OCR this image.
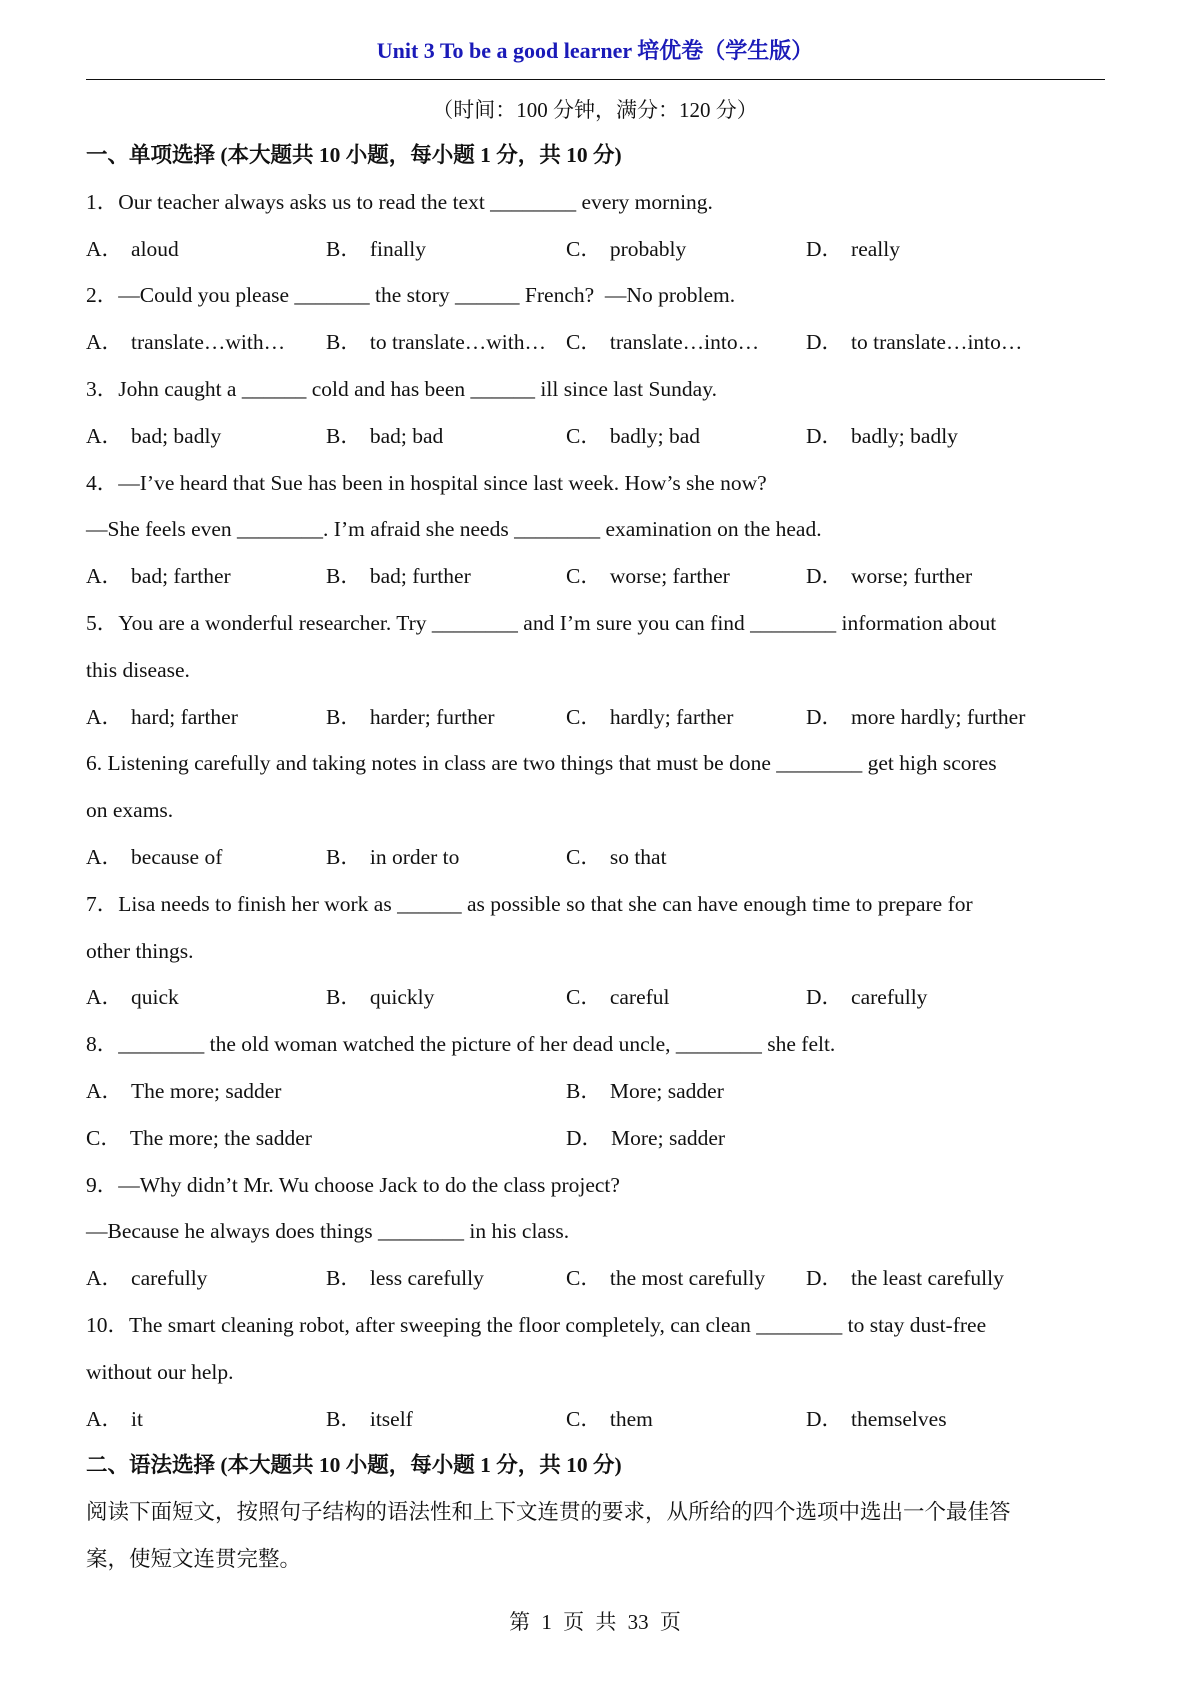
Unit 3 To be a good learner 培优卷（学生版）
（时间：100 分钟，满分：120 分）
一、单项选择 (本大题共 10 小题，每小题 1 分，共 10 分)
1．Our teacher always asks us to read the text ________ every morning.
A． aloud	B． finally	C． probably	D． really
2．—Could you please _______ the story ______ French?  —No problem.
A． translate…with…	B． to translate…with… C． translate…into…	D． to translate…into…
3．John caught a ______ cold and has been ______ ill since last Sunday.
A． bad; badly	B． bad; bad	C． badly; bad	D． badly; badly
4．—I’ve heard that Sue has been in hospital since last week. How’s she now?
—She feels even ________. I’m afraid she needs ________ examination on the head.
A． bad; farther	B． bad; further	C． worse; farther	D． worse; further
5．You are a wonderful researcher. Try ________ and I’m sure you can find ________ information about
this disease.
A． hard; farther	B． harder; further	C． hardly; farther	D． more hardly; further
6. Listening carefully and taking notes in class are two things that must be done ________ get high scores
on exams.
A． because of	B． in order to	C． so that
7．Lisa needs to finish her work as ______ as possible so that she can have enough time to prepare for
other things.
A． quick	B． quickly	C． careful	D． carefully
8．________ the old woman watched the picture of her dead uncle, ________ she felt.
A． The more; sadder	B． More; sadder
C． The more; the sadder	D． More; sadder
9．—Why didn’t Mr. Wu choose Jack to do the class project?
—Because he always does things ________ in his class.
A． carefully	B． less carefully	C． the most carefully	D． the least carefully
10．The smart cleaning robot, after sweeping the floor completely, can clean ________ to stay dust-free
without our help.
A． it	B． itself	C． them	D． themselves
二、语法选择 (本大题共 10 小题，每小题 1 分，共 10 分)
阅读下面短文，按照句子结构的语法性和上下文连贯的要求，从所给的四个选项中选出一个最佳答
案，使短文连贯完整。
第 1 页 共 33 页
